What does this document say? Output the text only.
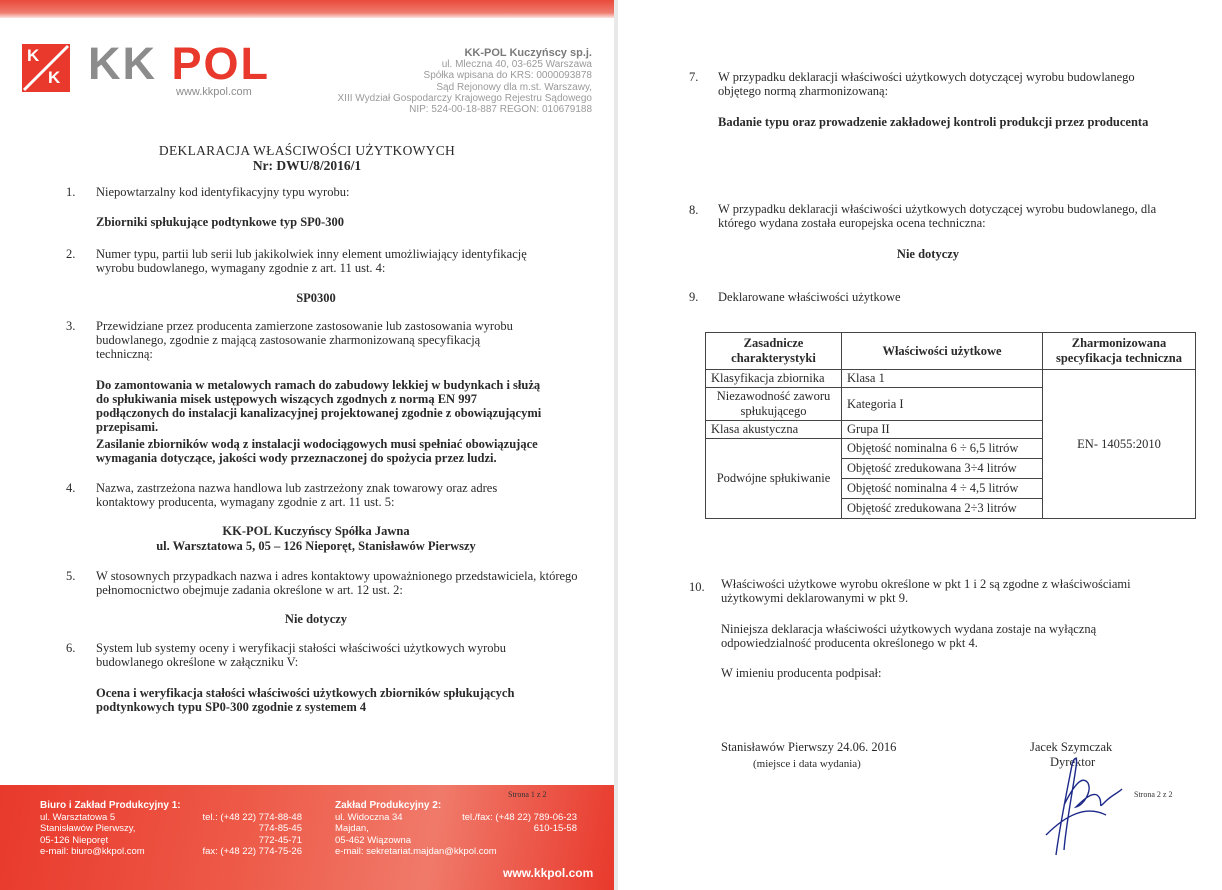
K
K KK POL
www.kkpol.com
KK-POL Kuczyńscy sp.j.
ul. Mleczna 40, 03-625 Warszawa
Spółka wpisana do KRS: 0000093878
Sąd Rejonowy dla m.st. Warszawy,
XIII Wydział Gospodarczy Krajowego Rejestru Sądowego
NIP: 524-00-18-887 REGON: 010679188
DEKLARACJA WŁAŚCIWOŚCI UŻYTKOWYCH
Nr: DWU/8/2016/1
1. Niepowtarzalny kod identyfikacyjny typu wyrobu:
Zbiorniki spłukujące podtynkowe typ SP0-300
2. Numer typu, partii lub serii lub jakikolwiek inny element umożliwiający identyfikację wyrobu budowlanego, wymagany zgodnie z art. 11 ust. 4:
SP0300
3. Przewidziane przez producenta zamierzone zastosowanie lub zastosowania wyrobu budowlanego, zgodnie z mającą zastosowanie zharmonizowaną specyfikacją techniczną:
Do zamontowania w metalowych ramach do zabudowy lekkiej w budynkach i służą do spłukiwania misek ustępowych wiszących zgodnych z normą EN 997 podłączonych do instalacji kanalizacyjnej projektowanej zgodnie z obowiązującymi przepisami.
Zasilanie zbiorników wodą z instalacji wodociągowych musi spełniać obowiązujące wymagania dotyczące, jakości wody przeznaczonej do spożycia przez ludzi.
4. Nazwa, zastrzeżona nazwa handlowa lub zastrzeżony znak towarowy oraz adres kontaktowy producenta, wymagany zgodnie z art. 11 ust. 5:
KK-POL Kuczyńscy Spółka Jawna
ul. Warsztatowa 5, 05 – 126 Nieporęt, Stanisławów Pierwszy
5. W stosownych przypadkach nazwa i adres kontaktowy upoważnionego przedstawiciela, którego pełnomocnictwo obejmuje zadania określone w art. 12 ust. 2:
Nie dotyczy
6. System lub systemy oceny i weryfikacji stałości właściwości użytkowych wyrobu budowlanego określone w załączniku V:
Ocena i weryfikacja stałości właściwości użytkowych zbiorników spłukujących podtynkowych typu SP0-300 zgodnie z systemem 4
Strona 1 z 2
Biuro i Zakład Produkcyjny 1:
ul. Warsztatowa 5
Stanisławów Pierwszy,
05-126 Nieporęt
e-mail: biuro@kkpol.com
tel.: (+48 22) 774-88-48
774-85-45
772-45-71
fax: (+48 22) 774-75-26
Zakład Produkcyjny 2:
ul. Widoczna 34
Majdan,
05-462 Wiązowna
e-mail: sekretariat.majdan@kkpol.com
tel./fax: (+48 22) 789-06-23
610-15-58
www.kkpol.com
7. W przypadku deklaracji właściwości użytkowych dotyczącej wyrobu budowlanego objętego normą zharmonizowaną:
Badanie typu oraz prowadzenie zakładowej kontroli produkcji przez producenta
8. W przypadku deklaracji właściwości użytkowych dotyczącej wyrobu budowlanego, dla którego wydana została europejska ocena techniczna:
Nie dotyczy
9. Deklarowane właściwości użytkowe
Zasadnicze charakterystyki	Właściwości użytkowe	Zharmonizowana specyfikacja techniczna
Klasyfikacja zbiornika	Klasa 1	EN- 14055:2010
Niezawodność zaworu spłukującego	Kategoria I	
Klasa akustyczna	Grupa II	
Podwójne spłukiwanie	Objętość nominalna 6 ÷ 6,5 litrów	
	Objętość zredukowana 3÷4 litrów	
	Objętość nominalna 4 ÷ 4,5 litrów	
	Objętość zredukowana 2÷3 litrów	
10. Właściwości użytkowe wyrobu określone w pkt 1 i 2 są zgodne z właściwościami użytkowymi deklarowanymi w pkt 9.
Niniejsza deklaracja właściwości użytkowych wydana zostaje na wyłączną odpowiedzialność producenta określonego w pkt 4.
W imieniu producenta podpisał:
Stanisławów Pierwszy 24.06. 2016
(miejsce i data wydania)
Jacek Szymczak
Dyrektor
Strona 2 z 2
